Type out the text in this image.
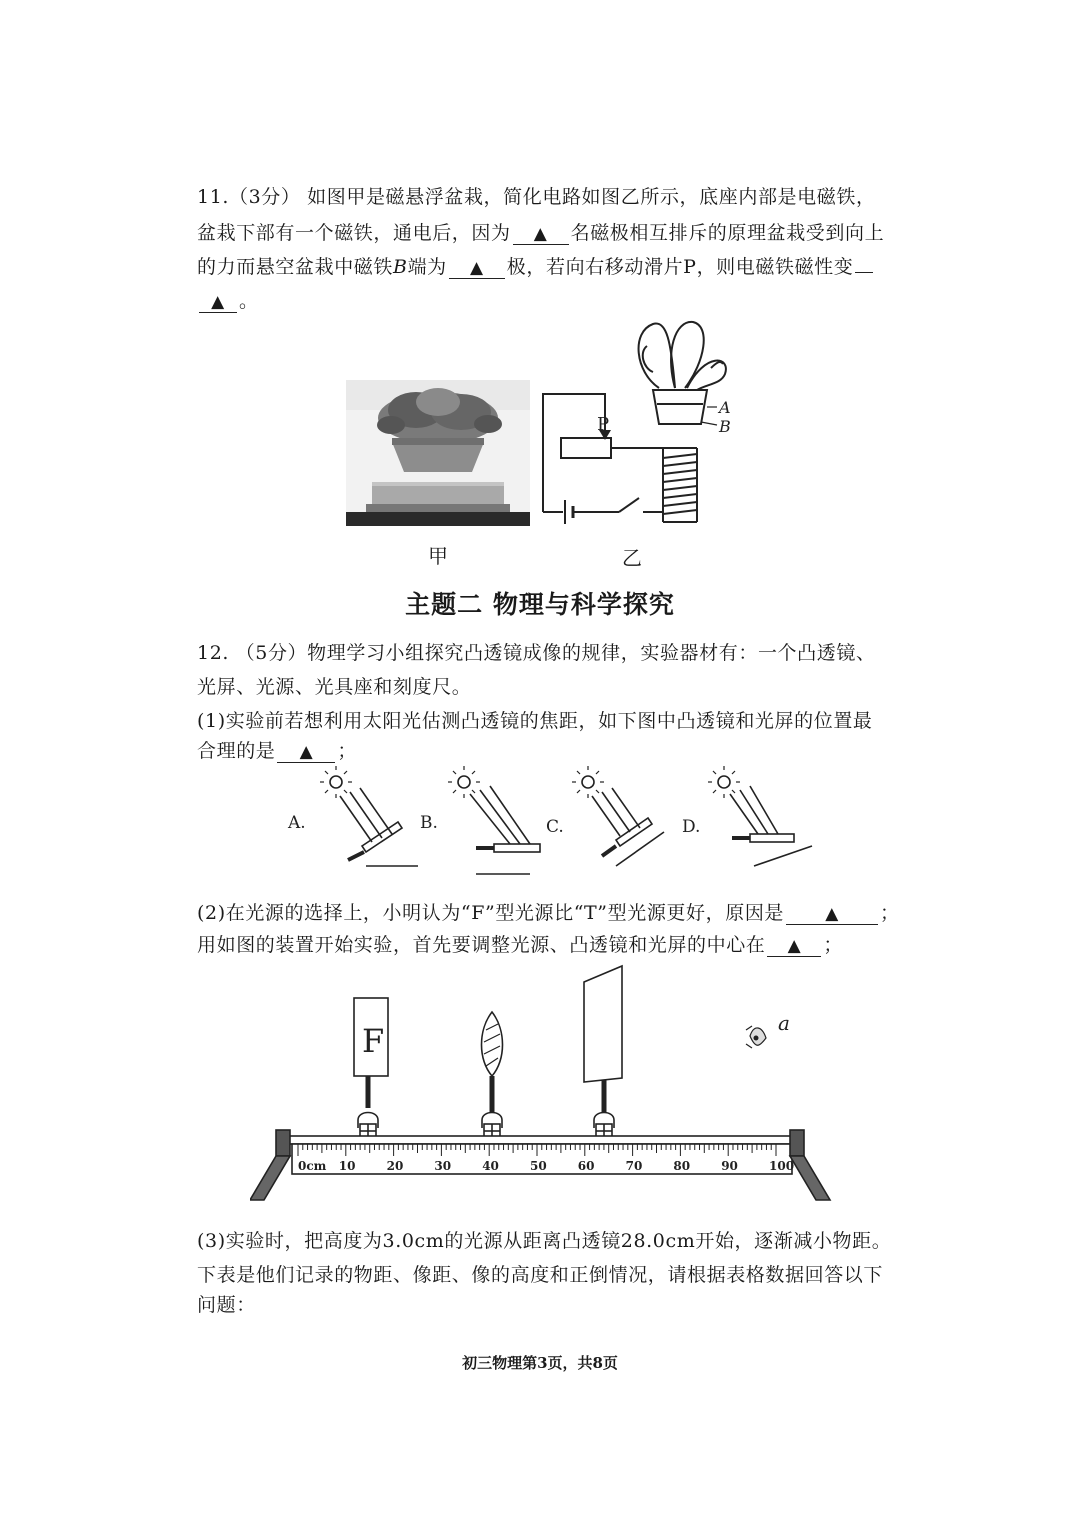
11.（3分） 如图甲是磁悬浮盆栽，简化电路如图乙所示，底座内部是电磁铁，
盆栽下部有一个磁铁，通电后，因为 ▲ 名磁极相互排斥的原理盆栽受到向上
的力而悬空盆栽中磁铁B端为 ▲ 极，若向右移动滑片P，则电磁铁磁性变
▲ 。
甲
P
A
B
乙
主题二 物理与科学探究
12. （5分）物理学习小组探究凸透镜成像的规律，实验器材有：一个凸透镜、
光屏、光源、光具座和刻度尺。
(1)实验前若想利用太阳光估测凸透镜的焦距，如下图中凸透镜和光屏的位置最
合理的是 ▲ ；
A.	B.	C.	D.
(2)在光源的选择上，小明认为“F”型光源比“T”型光源更好，原因是 ▲ ；
用如图的装置开始实验，首先要调整光源、凸透镜和光屏的中心在 ▲ ；
F	a
0cm 10	20	30	40	50	60	70	80	90	100
(3)实验时，把高度为3.0cm的光源从距离凸透镜28.0cm开始，逐渐减小物距。
下表是他们记录的物距、像距、像的高度和正倒情况，请根据表格数据回答以下
问题：
初三物理第3页，共8页
